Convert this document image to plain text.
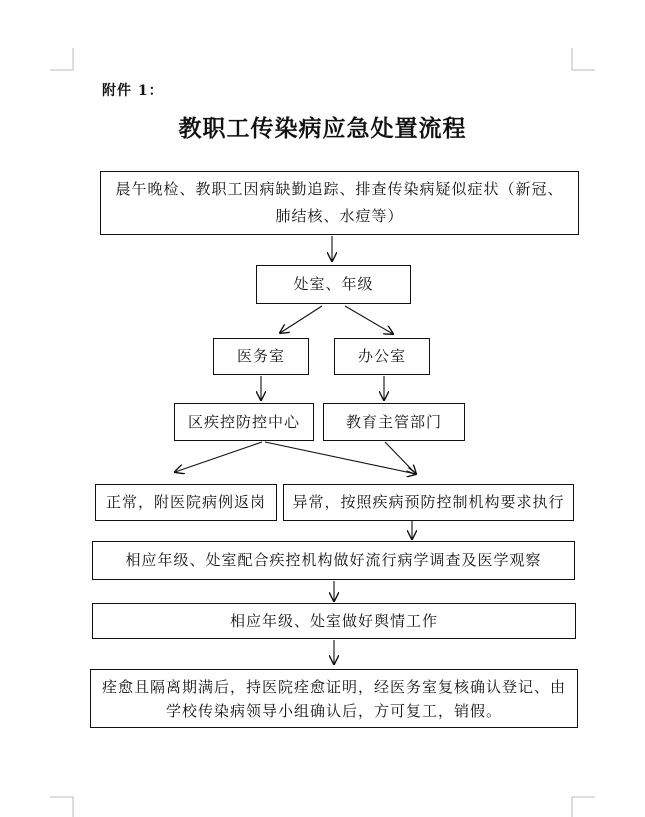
附件 1：
教职工传染病应急处置流程
晨午晚检、教职工因病缺勤追踪、排查传染病疑似症状（新冠、肺结核、水痘等）
处室、年级
医务室	办公室
区疾控防控中心	教育主管部门
正常，附医院病例返岗 异常，按照疾病预防控制机构要求执行
相应年级、处室配合疾控机构做好流行病学调查及医学观察
相应年级、处室做好舆情工作
痊愈且隔离期满后，持医院痊愈证明，经医务室复核确认登记、由学校传染病领导小组确认后，方可复工，销假。
